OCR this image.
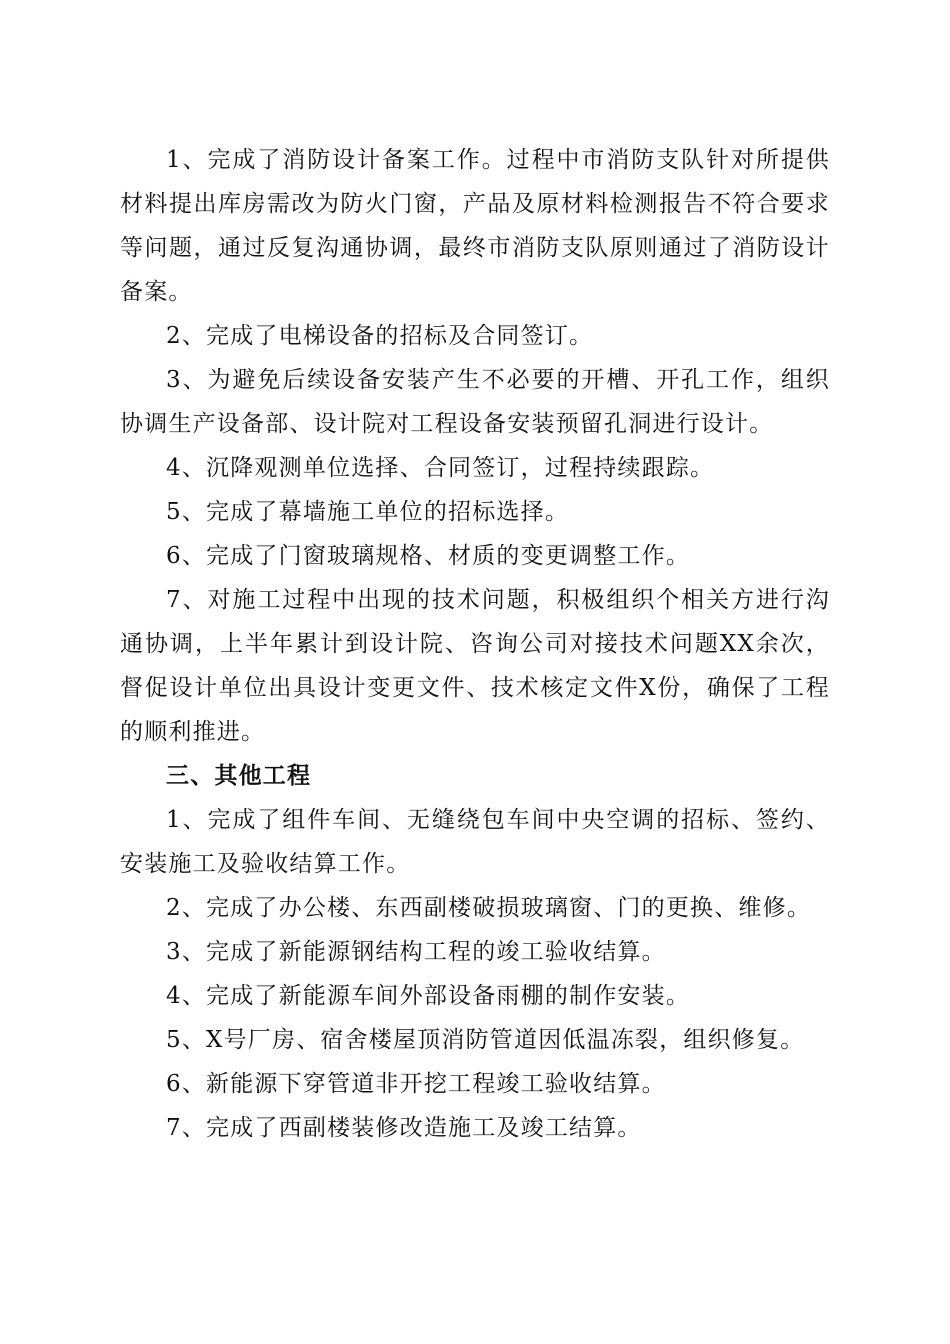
1、完成了消防设计备案工作。过程中市消防支队针对所提供材料提出库房需改为防火门窗，产品及原材料检测报告不符合要求等问题，通过反复沟通协调，最终市消防支队原则通过了消防设计备案。

2、完成了电梯设备的招标及合同签订。

3、为避免后续设备安装产生不必要的开槽、开孔工作，组织协调生产设备部、设计院对工程设备安装预留孔洞进行设计。

4、沉降观测单位选择、合同签订，过程持续跟踪。

5、完成了幕墙施工单位的招标选择。

6、完成了门窗玻璃规格、材质的变更调整工作。

7、对施工过程中出现的技术问题，积极组织个相关方进行沟通协调，上半年累计到设计院、咨询公司对接技术问题XX余次，督促设计单位出具设计变更文件、技术核定文件X份，确保了工程的顺利推进。

三、其他工程

1、完成了组件车间、无缝绕包车间中央空调的招标、签约、安装施工及验收结算工作。

2、完成了办公楼、东西副楼破损玻璃窗、门的更换、维修。

3、完成了新能源钢结构工程的竣工验收结算。

4、完成了新能源车间外部设备雨棚的制作安装。

5、X号厂房、宿舍楼屋顶消防管道因低温冻裂，组织修复。

6、新能源下穿管道非开挖工程竣工验收结算。

7、完成了西副楼装修改造施工及竣工结算。
